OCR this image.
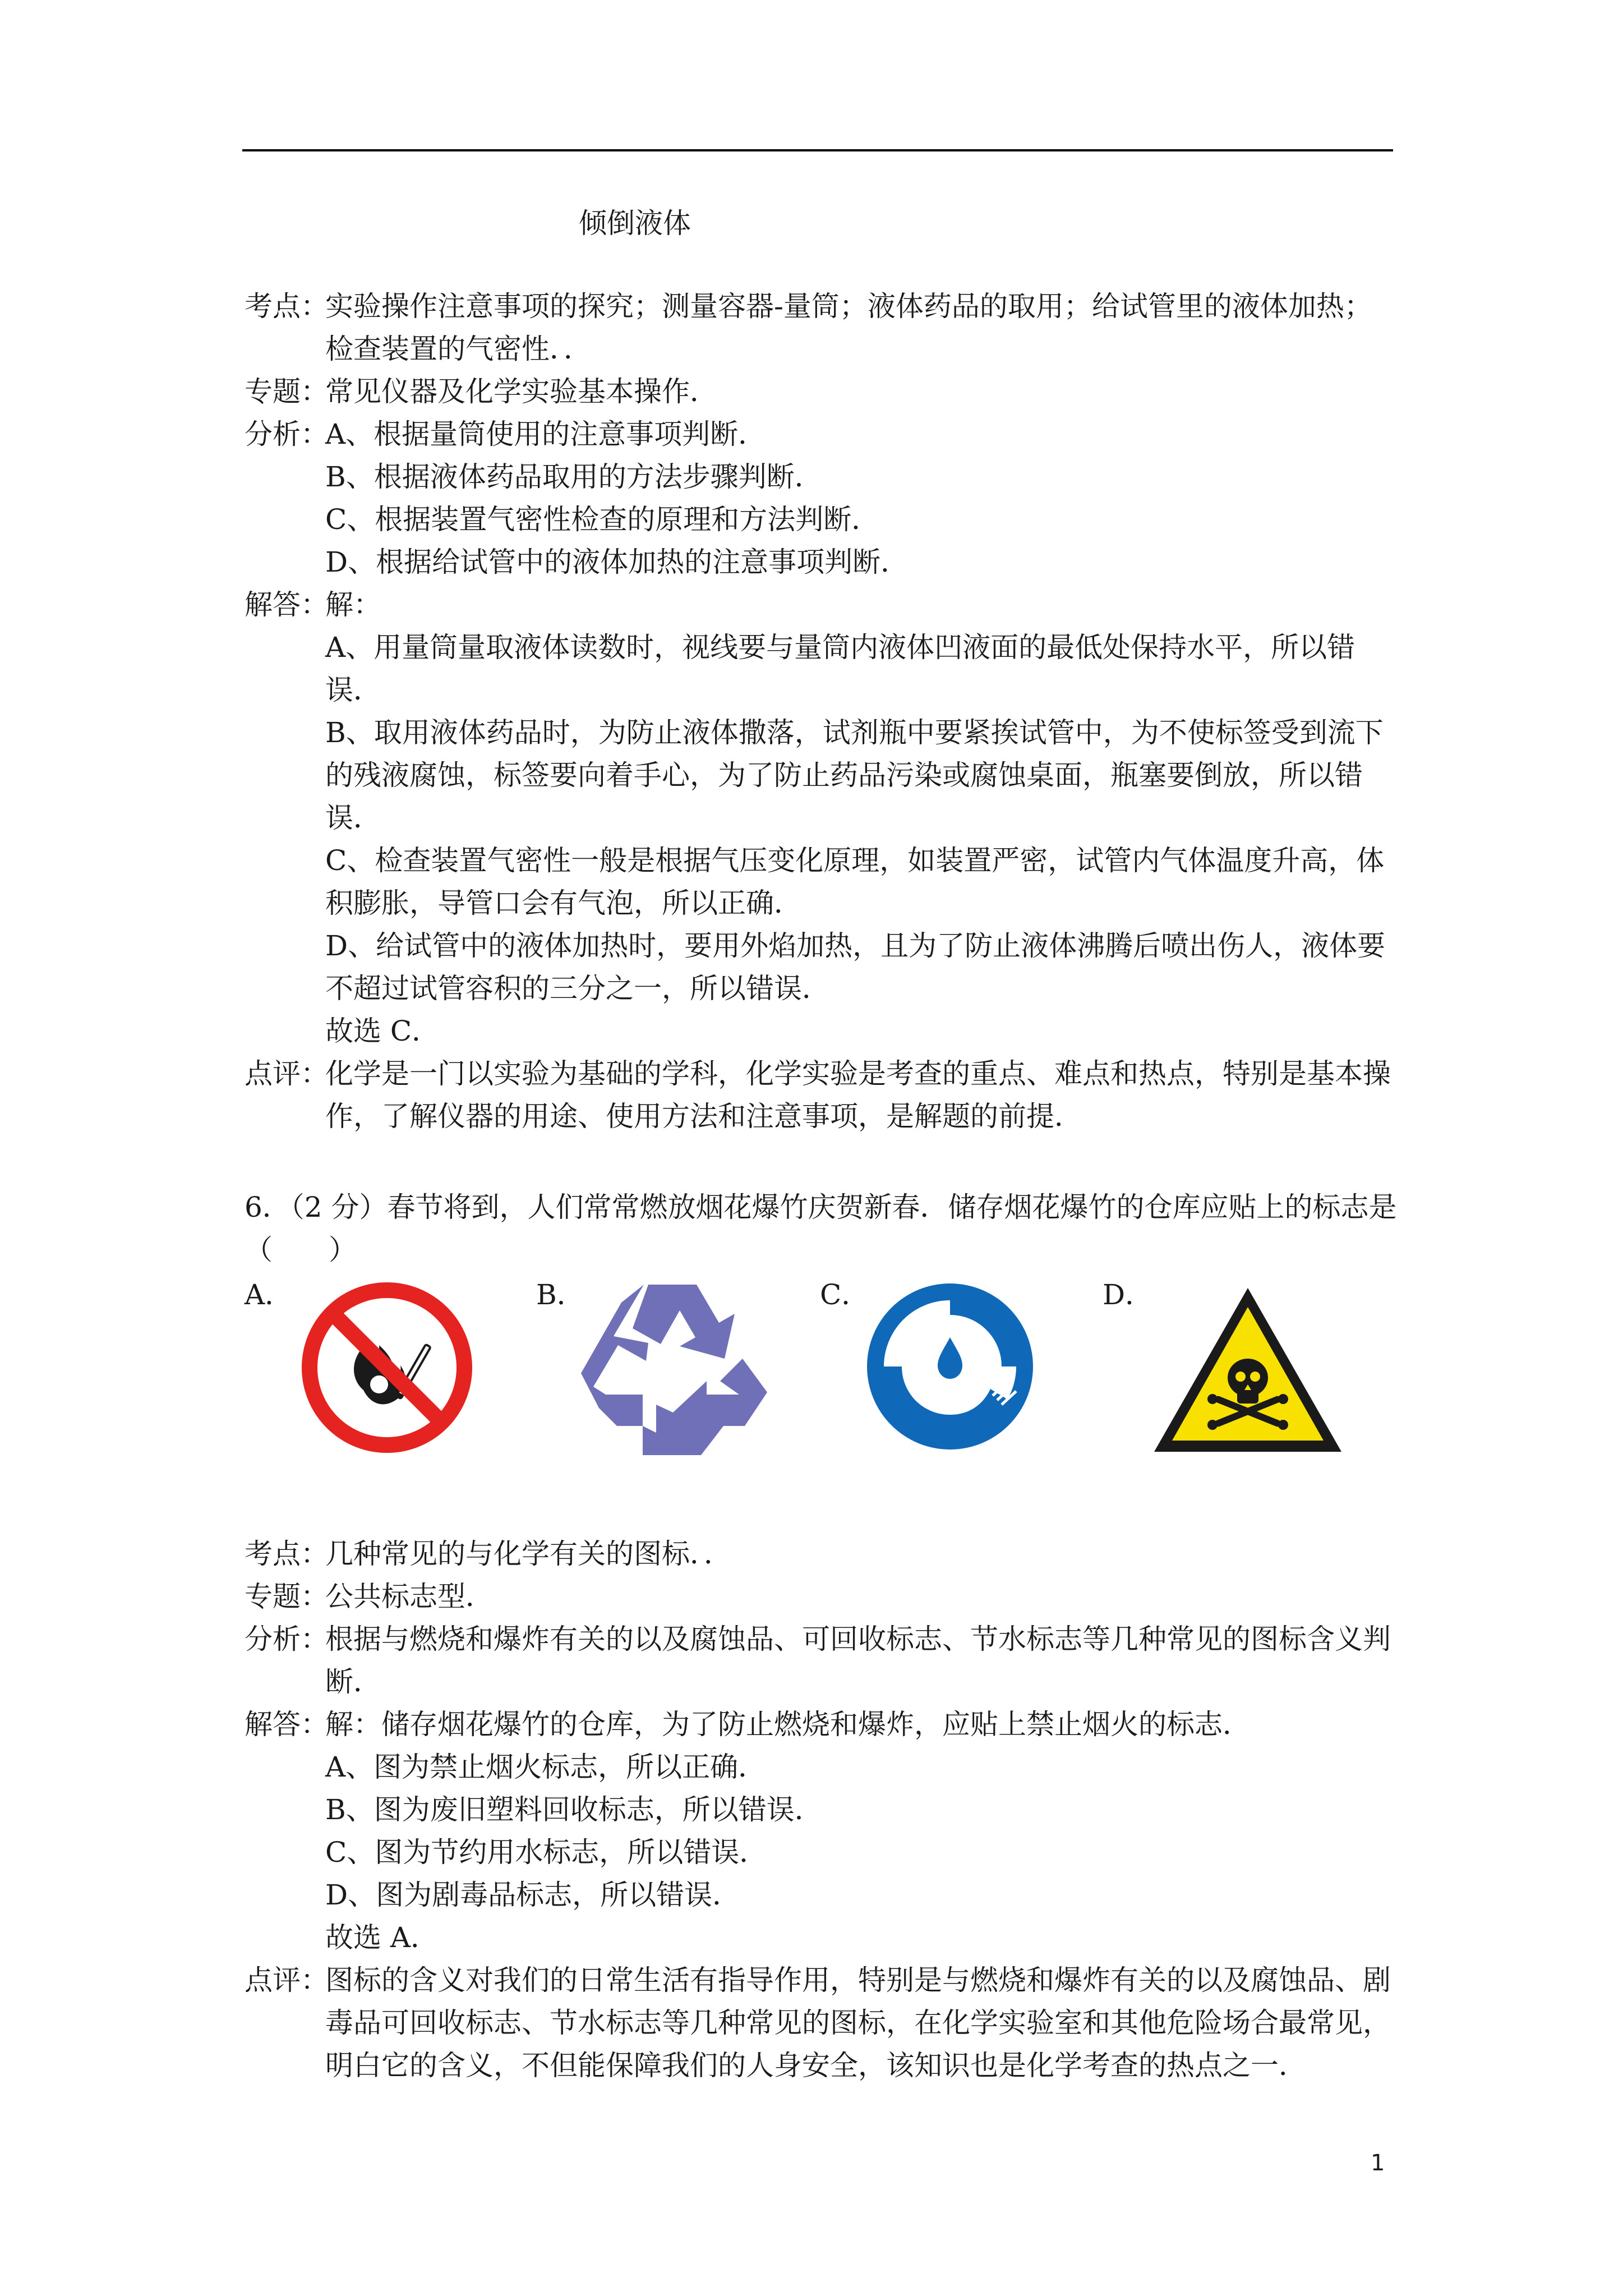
倾倒液体
考点：

实验操作注意事项的探究；测量容器-量筒；液体药品的取用；给试管里的液体加热；

检查装置的气密性．．

专题：

常见仪器及化学实验基本操作．

分析：

A、根据量筒使用的注意事项判断．

B、根据液体药品取用的方法步骤判断．

C、根据装置气密性检查的原理和方法判断．

D、根据给试管中的液体加热的注意事项判断．

解答：

解：

A、用量筒量取液体读数时，视线要与量筒内液体凹液面的最低处保持水平，所以错误．

B、取用液体药品时，为防止液体撒落，试剂瓶中要紧挨试管中，为不使标签受到流下的残液腐蚀，标签要向着手心，为了防止药品污染或腐蚀桌面，瓶塞要倒放，所以错误．

C、检查装置气密性一般是根据气压变化原理，如装置严密，试管内气体温度升高，体积膨胀，导管口会有气泡，所以正确．

D、给试管中的液体加热时，要用外焰加热，且为了防止液体沸腾后喷出伤人，液体要不超过试管容积的三分之一，所以错误．

故选 C．

点评：

化学是一门以实验为基础的学科，化学实验是考查的重点、难点和热点，特别是基本操作，了解仪器的用途、使用方法和注意事项，是解题的前提．

6．（2 分）春节将到，人们常常燃放烟花爆竹庆贺新春．储存烟花爆竹的仓库应贴上的标志是（　　）

A．	B．	C．	D．
考点：

几种常见的与化学有关的图标．．

专题：

公共标志型．

分析：

根据与燃烧和爆炸有关的以及腐蚀品、可回收标志、节水标志等几种常见的图标含义判断．

解答：

解：储存烟花爆竹的仓库，为了防止燃烧和爆炸，应贴上禁止烟火的标志．

A、图为禁止烟火标志，所以正确．

B、图为废旧塑料回收标志，所以错误．

C、图为节约用水标志，所以错误．

D、图为剧毒品标志，所以错误．

故选 A．

点评：

图标的含义对我们的日常生活有指导作用，特别是与燃烧和爆炸有关的以及腐蚀品、剧毒品可回收标志、节水标志等几种常见的图标，在化学实验室和其他危险场合最常见，明白它的含义，不但能保障我们的人身安全，该知识也是化学考查的热点之一．

1
